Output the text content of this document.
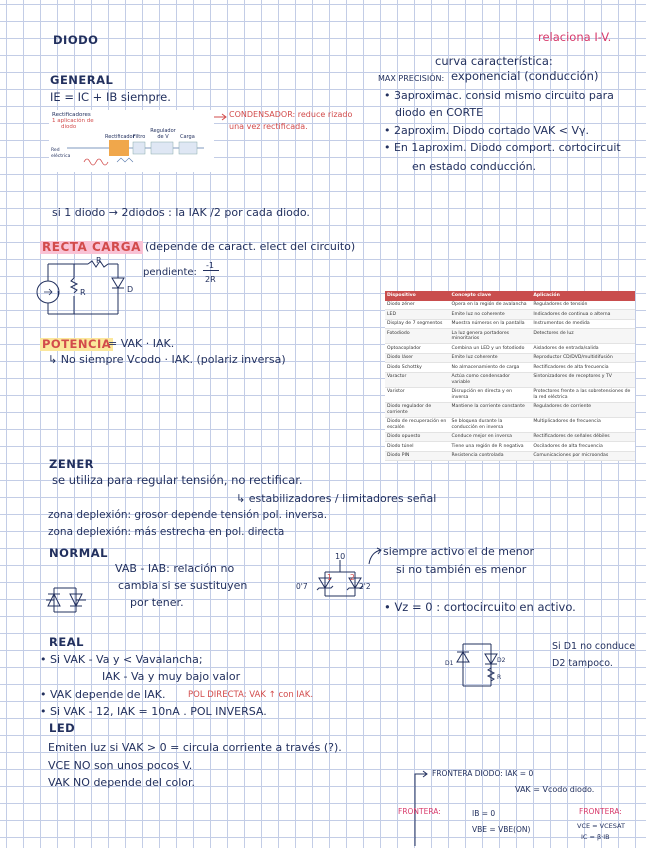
DIODO
GENERAL
IE = IC + IB siempre.
CONDENSADOR: reduce rizado
una vez rectificada.
Rectificadores
1 aplicación de
diodo
Red eléctrica
Rectificador
Filtro
Regulador de V	Carga
relaciona I-V.
curva característica:
MAX PRECISIÓN: exponencial (conducción)
• 3aproximac. consid mismo circuito para
diodo en CORTE
• 2aproxim. Diodo cortado VAK < Vγ.
• En 1aproxim. Diodo comport. cortocircuit
en estado conducción.
si 1 diodo → 2diodos : la IAK /2 por cada diodo.
RECTA CARGA (depende de caract. elect del circuito)
pendiente:
-1
2R
I
R
R	D
POTENCIA
= VAK · IAK.
↳ No siempre Vcodo · IAK. (polariz inversa)
Dispositivo	Concepto clave	Aplicación
Diodo zéner	Opera en la región de avalancha	Reguladores de tensión
LED	Emite luz no coherente	Indicadores de continua o alterna
Display de 7 segmentos	Muestra números en la pantalla	Instrumentos de medida
Fotodiodo	La luz genera portadores minoritarios	Detectores de luz
Optoacoplador	Combina un LED y un fotodiodo	Aisladores de entrada/salida
Diodo láser	Emite luz coherente	Reproductor CD/DVD/multidifusión
Diodo Schottky	No almacenamiento de carga	Rectificadores de alta frecuencia
Varactor	Actúa como condensador variable	Sintonizadores de receptores y TV
Varistor	Disrupción en directa y en inversa	Protectores frente a las sobretensiones de la red eléctrica
Diodo regulador de corriente	Mantiene la corriente constante	Reguladores de corriente
Diodo de recuperación en escalón	Se bloquea durante la conducción en inversa	Multiplicadores de frecuencia
Diodo opuesto	Conduce mejor en inversa	Rectificadores de señales débiles
Diodo túnel	Tiene una región de R negativa	Osciladores de alta frecuencia
Diodo PIN	Resistencia controlada	Comunicaciones por microondas
ZENER
se utiliza para regular tensión, no rectificar.
↳ estabilizadores / limitadores señal
zona deplexión: grosor depende tensión pol. inversa.
zona deplexión: más estrecha en pol. directa
NORMAL
VAB - IAB: relación no
cambia si se sustituyen
por tener.
10
0'7	2'2
1 2
siempre activo el de menor
si no también es menor
• Vz = 0 : cortocircuito en activo.
REAL
• Si VAK - Va y < Vavalancha;
IAK - Va y muy bajo valor
• VAK depende de IAK.	POL DIRECTA: VAK ↑ con IAK.
• Si VAK - 12, IAK = 10nA . POL INVERSA.
D1	D2
R
Si D1 no conduce
D2 tampoco.
LED
Emiten luz si VAK > 0 = circula corriente a través (?).
VCE NO son unos pocos V.
VAK NO depende del color.
FRONTERA DIODO: IAK = 0
VAK = Vcodo diodo.
FRONTERA:	IB = 0
VBE = VBE(ON)
FRONTERA:
VCE = VCESAT
IC = β·IB
